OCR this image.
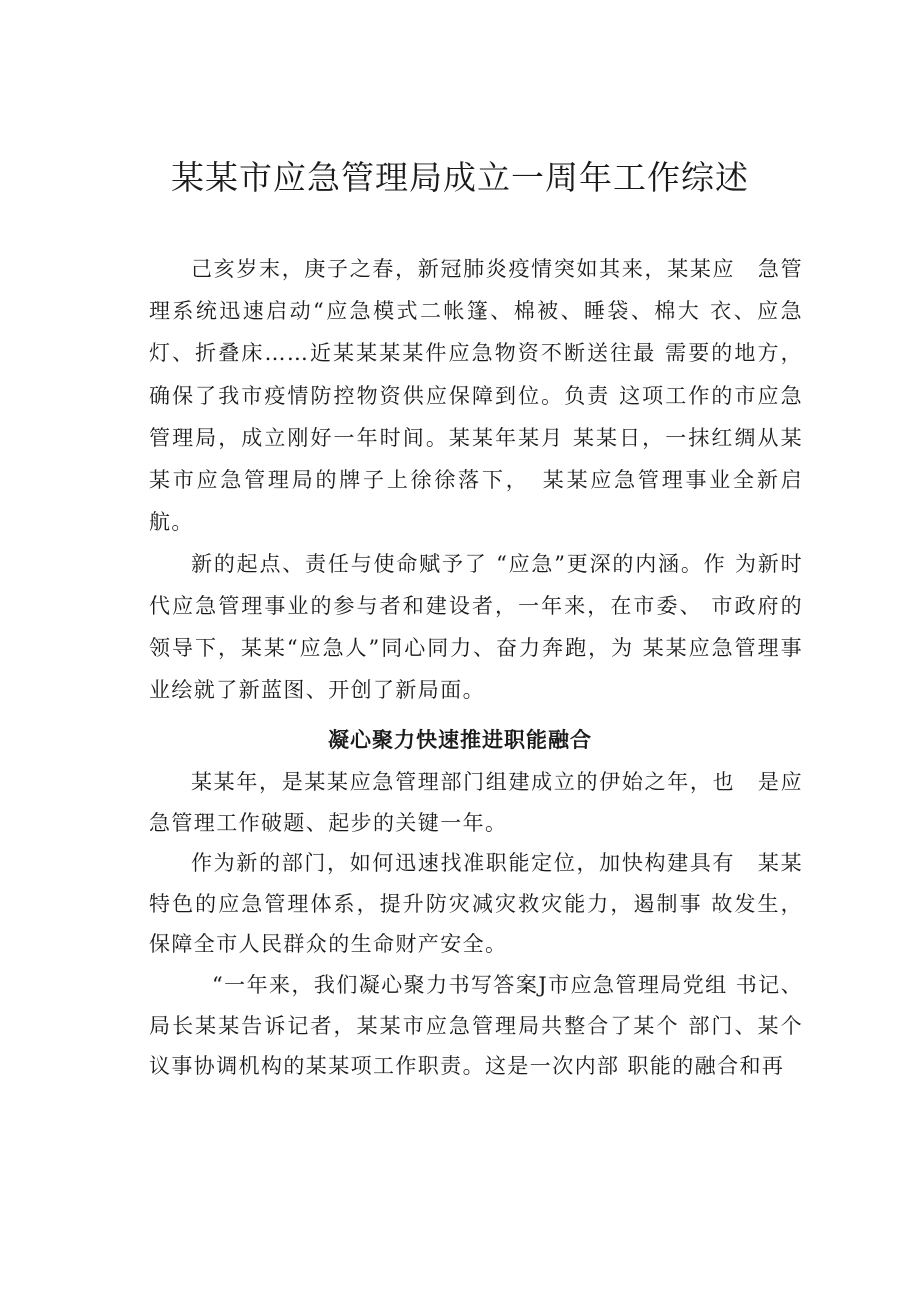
某某市应急管理局成立一周年工作综述

己亥岁末，庚子之春，新冠肺炎疫情突如其来，某某应　急管理系统迅速启动“应急模式二帐篷、棉被、睡袋、棉大 衣、应急灯、折叠床……近某某某某件应急物资不断送往最 需要的地方，确保了我市疫情防控物资供应保障到位。负责 这项工作的市应急管理局，成立刚好一年时间。某某年某月 某某日，一抹红绸从某某市应急管理局的牌子上徐徐落下，　某某应急管理事业全新启航。

新的起点、责任与使命赋予了 “应急”更深的内涵。作 为新时代应急管理事业的参与者和建设者，一年来，在市委、 市政府的领导下，某某“应急人”同心同力、奋力奔跑，为 某某应急管理事业绘就了新蓝图、开创了新局面。

凝心聚力快速推进职能融合

某某年，是某某应急管理部门组建成立的伊始之年，也　是应急管理工作破题、起步的关键一年。

作为新的部门，如何迅速找准职能定位，加快构建具有　某某特色的应急管理体系，提升防灾减灾救灾能力，遏制事 故发生，保障全市人民群众的生命财产安全。

“一年来，我们凝心聚力书写答案J市应急管理局党组 书记、局长某某告诉记者，某某市应急管理局共整合了某个 部门、某个议事协调机构的某某项工作职责。这是一次内部 职能的融合和再
